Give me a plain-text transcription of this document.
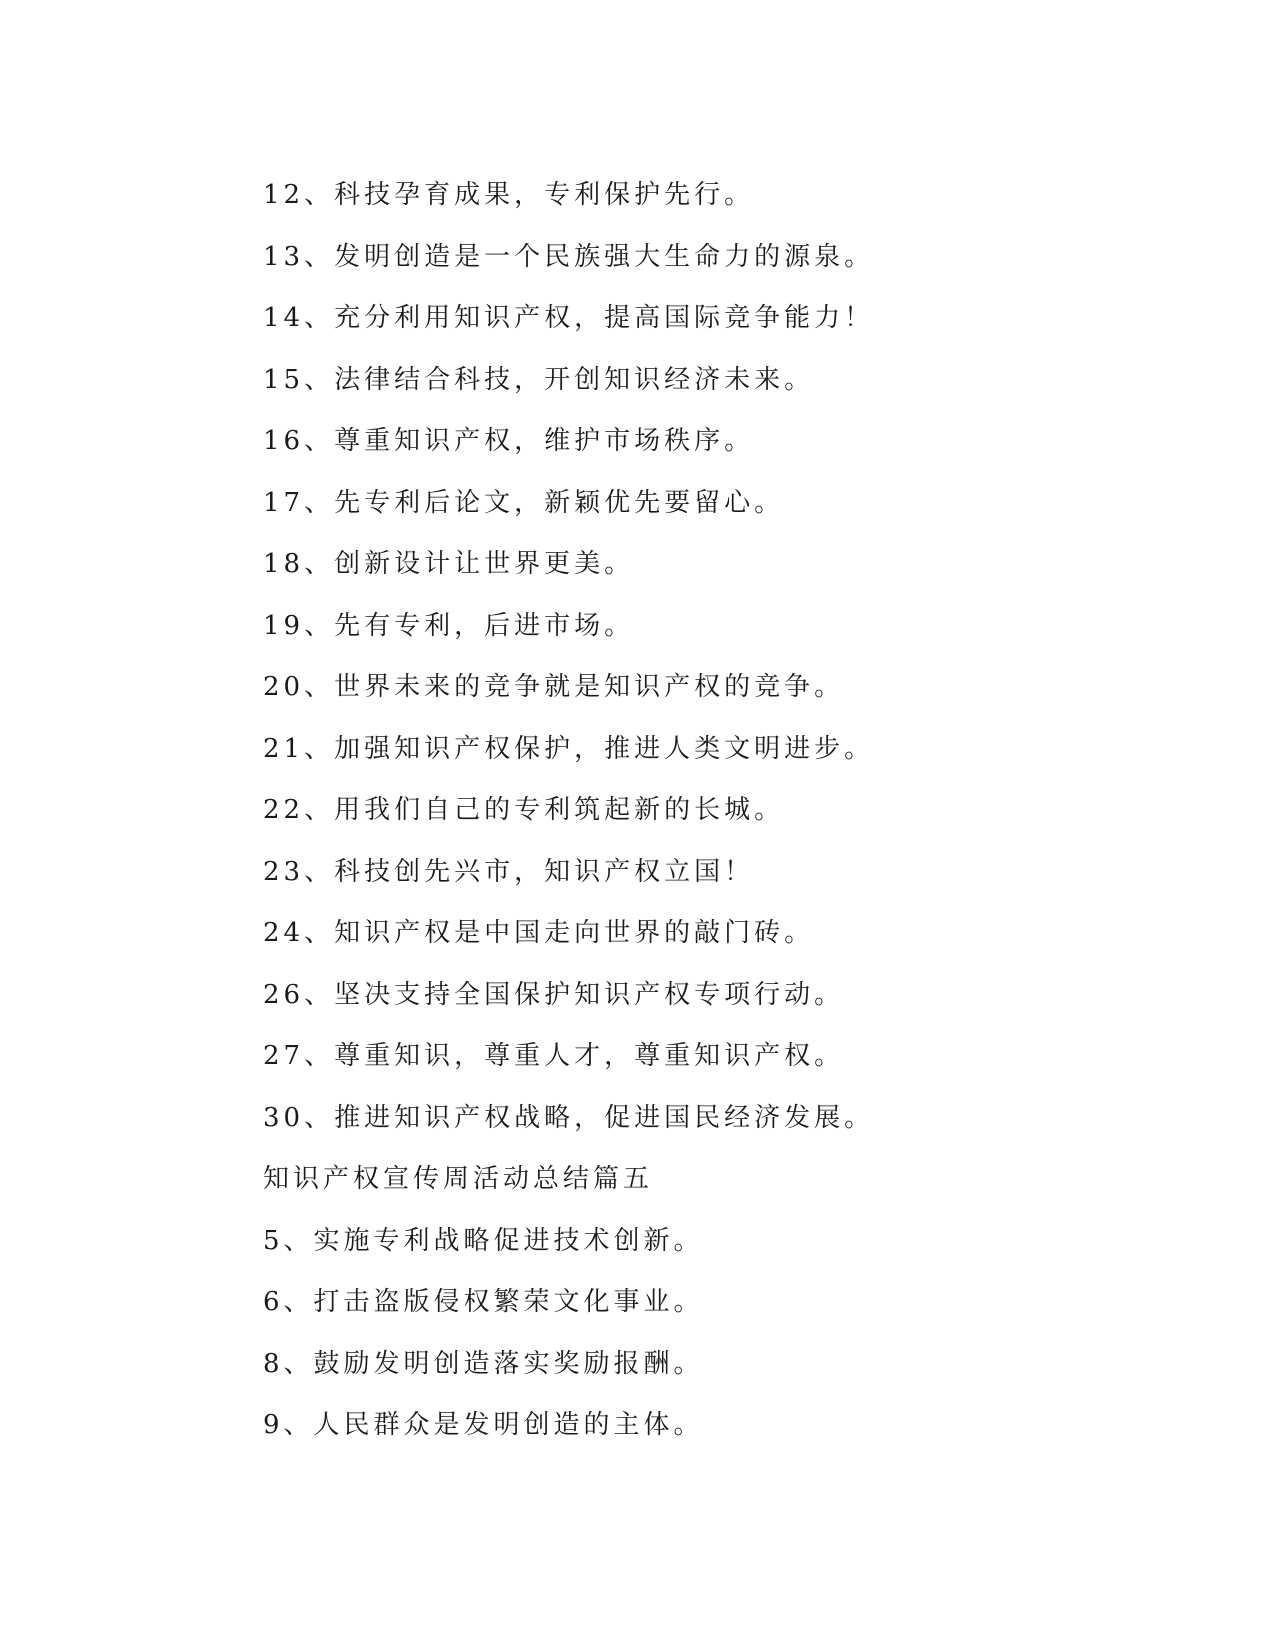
12、科技孕育成果，专利保护先行。
13、发明创造是一个民族强大生命力的源泉。
14、充分利用知识产权，提高国际竞争能力！
15、法律结合科技，开创知识经济未来。
16、尊重知识产权，维护市场秩序。
17、先专利后论文，新颖优先要留心。
18、创新设计让世界更美。
19、先有专利，后进市场。
20、世界未来的竞争就是知识产权的竞争。
21、加强知识产权保护，推进人类文明进步。
22、用我们自己的专利筑起新的长城。
23、科技创先兴市，知识产权立国！
24、知识产权是中国走向世界的敲门砖。
26、坚决支持全国保护知识产权专项行动。
27、尊重知识，尊重人才，尊重知识产权。
30、推进知识产权战略，促进国民经济发展。
知识产权宣传周活动总结篇五
5、实施专利战略促进技术创新。
6、打击盗版侵权繁荣文化事业。
8、鼓励发明创造落实奖励报酬。
9、人民群众是发明创造的主体。
